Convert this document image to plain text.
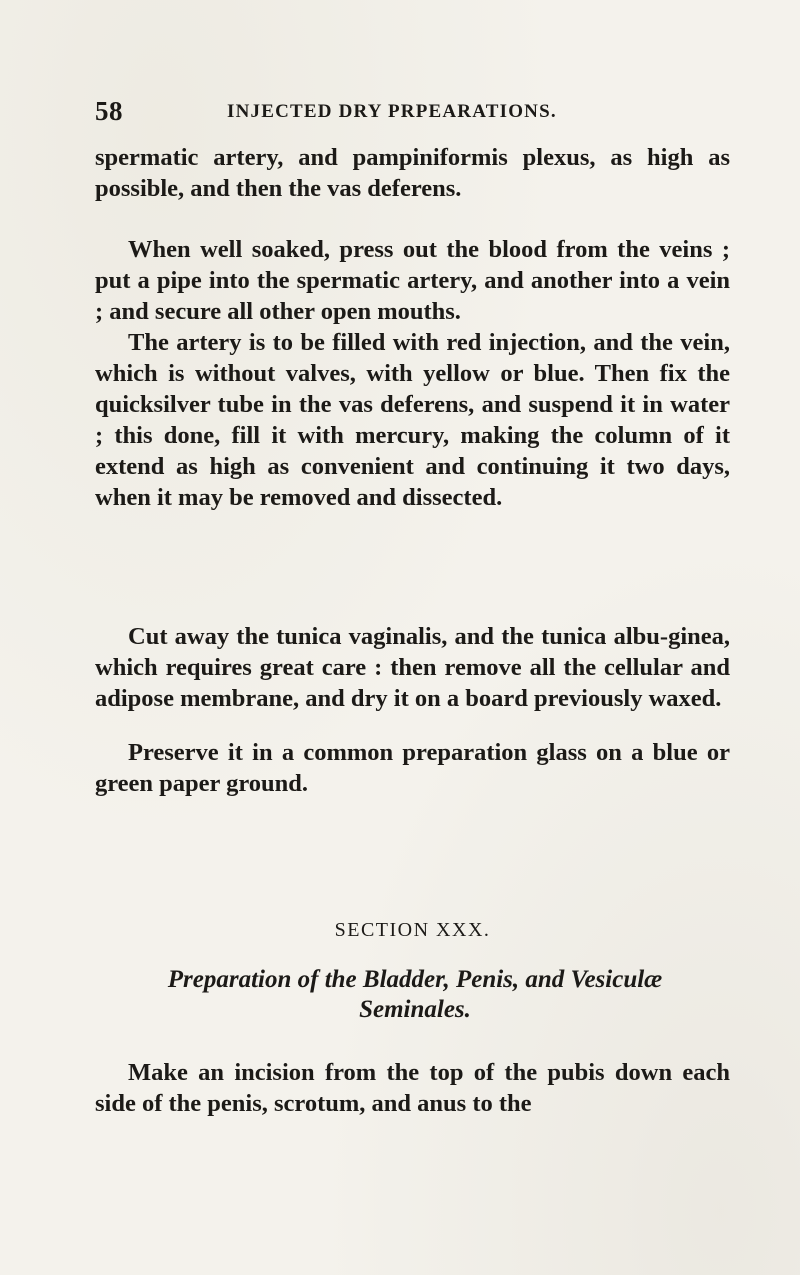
58	INJECTED DRY PRPEARATIONS.

spermatic artery, and pampiniformis plexus, as high as possible, and then the vas deferens.

When well soaked, press out the blood from the veins ; put a pipe into the spermatic artery, and another into a vein ; and secure all other open mouths.

The artery is to be filled with red injection, and the vein, which is without valves, with yellow or blue. Then fix the quicksilver tube in the vas deferens, and suspend it in water ; this done, fill it with mercury, making the column of it extend as high as convenient and continuing it two days, when it may be removed and dissected.

Cut away the tunica vaginalis, and the tunica albu-ginea, which requires great care : then remove all the cellular and adipose membrane, and dry it on a board previously waxed.

Preserve it in a common preparation glass on a blue or green paper ground.

SECTION XXX.
Preparation of the Bladder, Penis, and Vesiculæ
Seminales.

Make an incision from the top of the pubis down each side of the penis, scrotum, and anus to the
